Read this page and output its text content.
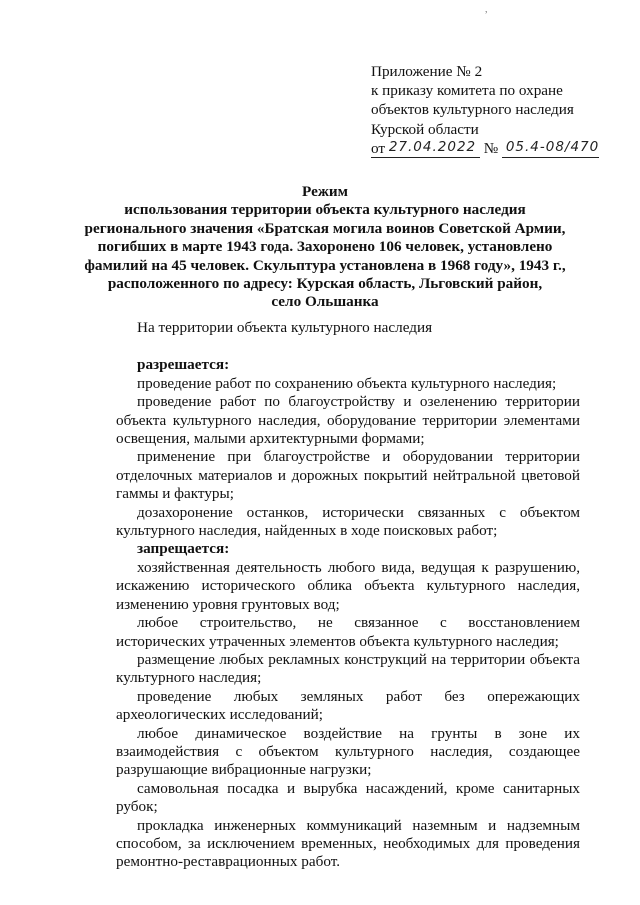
,
Приложение № 2
к приказу комитета по охране
объектов культурного наследия
Курской области
от 27.04.2022 № 05.4-08/470
Режим
использования территории объекта культурного наследия
регионального значения «Братская могила воинов Советской Армии,
погибших в марте 1943 года. Захоронено 106 человек, установлено
фамилий на 45 человек. Скульптура установлена в 1968 году», 1943 г.,
расположенного по адресу: Курская область, Льговский район,
село Ольшанка

На территории объекта культурного наследия

разрешается:

проведение работ по сохранению объекта культурного наследия;

проведение работ по благоустройству и озеленению территории объекта культурного наследия, оборудование территории элементами освещения, малыми архитектурными формами;

применение при благоустройстве и оборудовании территории отделочных материалов и дорожных покрытий нейтральной цветовой гаммы и фактуры;

дозахоронение останков, исторически связанных с объектом культурного наследия, найденных в ходе поисковых работ;

запрещается:

хозяйственная деятельность любого вида, ведущая к разрушению, искажению исторического облика объекта культурного наследия, изменению уровня грунтовых вод;

любое строительство, не связанное с восстановлением исторических утраченных элементов объекта культурного наследия;

размещение любых рекламных конструкций на территории объекта культурного наследия;

проведение любых земляных работ без опережающих археологических исследований;

любое динамическое воздействие на грунты в зоне их взаимодействия с объектом культурного наследия, создающее разрушающие вибрационные нагрузки;

самовольная посадка и вырубка насаждений, кроме санитарных рубок;

прокладка инженерных коммуникаций наземным и надземным способом, за исключением временных, необходимых для проведения ремонтно-реставрационных работ.
